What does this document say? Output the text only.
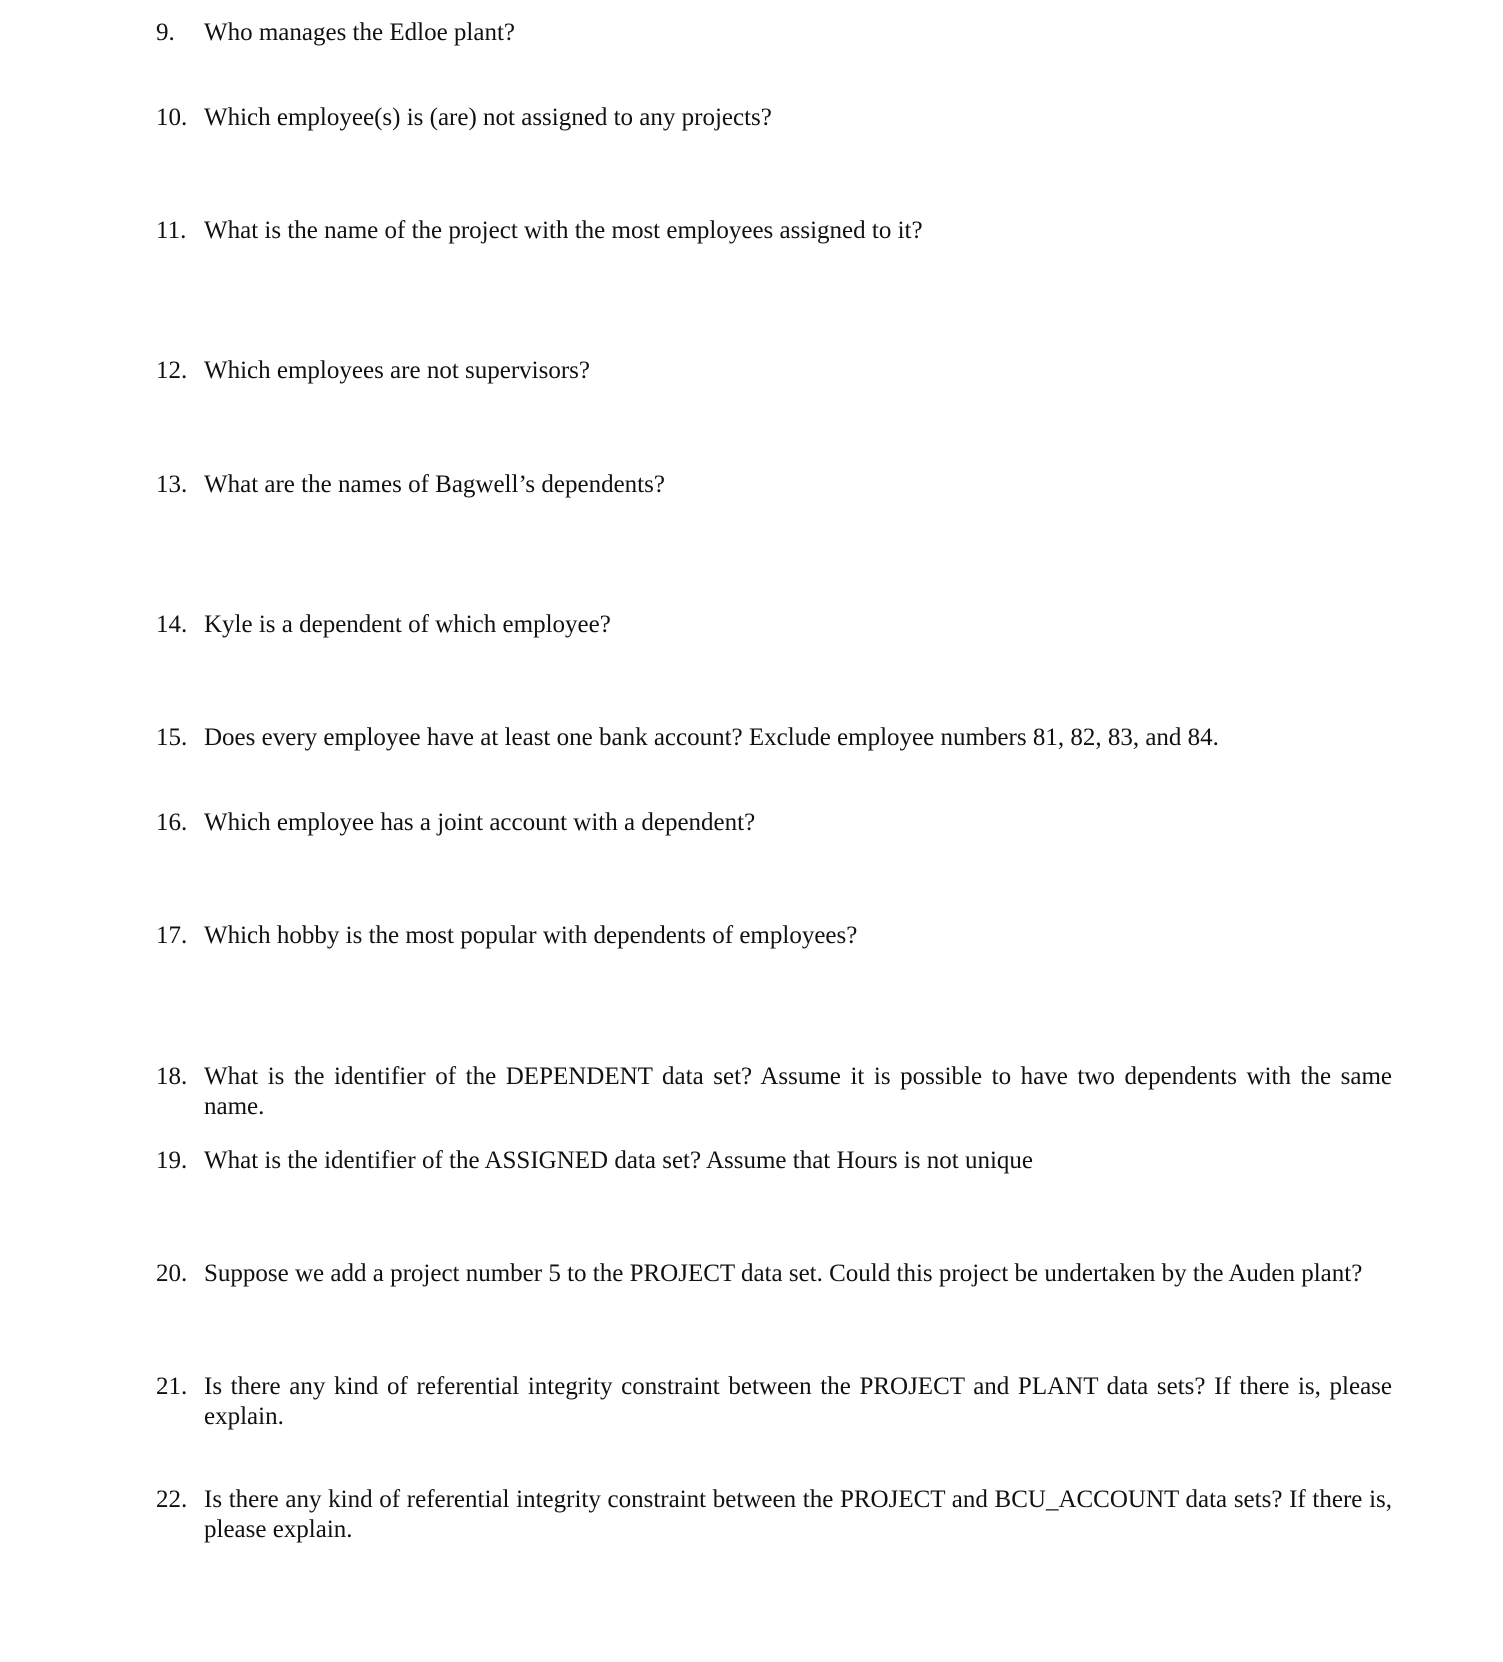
9. Who manages the Edloe plant?
10. Which employee(s) is (are) not assigned to any projects?
11. What is the name of the project with the most employees assigned to it?
12. Which employees are not supervisors?
13. What are the names of Bagwell’s dependents?
14. Kyle is a dependent of which employee?
15. Does every employee have at least one bank account? Exclude employee numbers 81, 82, 83, and 84.
16. Which employee has a joint account with a dependent?
17. Which hobby is the most popular with dependents of employees?
18. What is the identifier of the DEPENDENT data set? Assume it is possible to have two dependents with the same name.
19. What is the identifier of the ASSIGNED data set? Assume that Hours is not unique
20. Suppose we add a project number 5 to the PROJECT data set. Could this project be undertaken by the Auden plant?
21. Is there any kind of referential integrity constraint between the PROJECT and PLANT data sets? If there is, please explain.
22. Is there any kind of referential integrity constraint between the PROJECT and BCU_ACCOUNT data sets? If there is, please explain.
